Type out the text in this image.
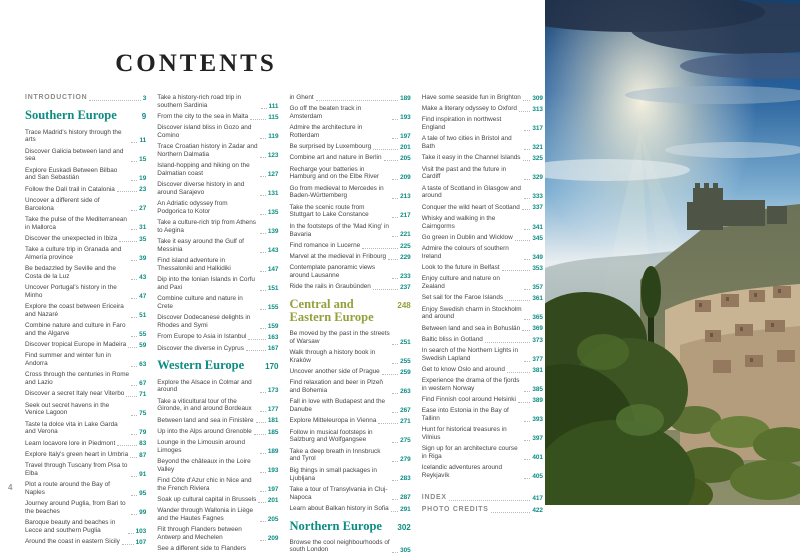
CONTENTS
INTRODUCTION	3
Southern Europe	9
Trace Madrid's history through the arts	11
Discover Galicia between land and sea	15
Explore Euskadi Between Bilbao and San Sebastián	19
Follow the Dalí trail in Catalonia	23
Uncover a different side of Barcelona	27
Take the pulse of the Mediterranean in Mallorca	31
Discover the unexpected in Ibiza	35
Take a culture trip in Granada and Almería province	39
Be bedazzled by Seville and the Costa de la Luz	43
Uncover Portugal's history in the Minho	47
Explore the coast between Ericeira and Nazaré	51
Combine nature and culture in Faro and the Algarve	55
Discover tropical Europe in Madeira 59
Find summer and winter fun in Andorra	63
Cross through the centuries in Rome and Lazio	67
Discover a secret Italy near Viterbo 71
Seek out secret havens in the Venice Lagoon	75
Taste la dolce vita in Lake Garda and Verona	79
Learn locavore lore in Piedmont	83
Explore Italy's green heart in Umbria 87
Travel through Tuscany from Pisa to Elba	91
Plot a route around the Bay of Naples	95
Journey around Puglia, from Bari to the beaches	99
Baroque beauty and beaches in Lecce and southern Puglia	103
Around the coast in eastern Sicily 107
Take a history-rich road trip in southern Sardinia	111
From the city to the sea in Malta	115
Discover island bliss in Gozo and Comino	119
Trace Croatian history in Zadar and Northern Dalmatia	123
Island-hopping and hiking on the Dalmatian coast	127
Discover diverse history in and around Sarajevo	131
An Adriatic odyssey from Podgorica to Kotor	135
Take a culture-rich trip from Athens to Aegina	139
Take it easy around the Gulf of Messinia	143
Find island adventure in Thessaloniki and Halkidiki	147
Dip into the Ionian Islands in Corfu and Paxi	151
Combine culture and nature in Crete	155
Discover Dodecanese delights in Rhodes and Symi	159
From Europe to Asia in Istanbul	163
Discover the diverse in Cyprus	167
Western Europe	170
Explore the Alsace in Colmar and around	173
Take a viticultural tour of the Gironde, in and around Bordeaux	177
Between land and sea in Finistère 181
Up into the Alps around Grenoble	185
Lounge in the Limousin around Limoges	189
Beyond the châteaux in the Loire Valley	193
Find Côte d'Azur chic in Nice and the French Riviera	197
Soak up cultural capital in Brussels 201
Wander through Wallonia in Liège and the Hautes Fagnes	205
Flit through Flanders between Antwerp and Mechelen	209
See a different side to Flanders
in Ghent	189
Go off the beaten track in Amsterdam	193
Admire the architecture in Rotterdam	197
Be surprised by Luxembourg	201
Combine art and nature in Berlin	205
Recharge your batteries in Hamburg and on the Elbe River	209
Go from medieval to Mercedes in Baden-Württemberg	213
Take the scenic route from Stuttgart to Lake Constance	217
In the footsteps of the 'Mad King' in Bavaria	221
Find romance in Lucerne	225
Marvel at the medieval in Fribourg 229
Contemplate panoramic views around Lausanne	233
Ride the rails in Graubünden	237
Central and Eastern Europe
248
Be moved by the past in the streets of Warsaw	251
Walk through a history book in Kraków	255
Uncover another side of Prague	259
Find relaxation and beer in Plzeň and Bohemia	263
Fall in love with Budapest and the Danube	267
Explore Mitteleuropa in Vienna	271
Follow in musical footsteps in Salzburg and Wolfgangsee	275
Take a deep breath in Innsbruck and Tyrol	279
Big things in small packages in Ljubljana	283
Take a tour of Transylvania in Cluj-Napoca	287
Learn about Balkan history in Sofia 291
Northern Europe	302
Browse the cool neighbourhoods of south London	305
Have some seaside fun in Brighton 309
Make a literary odyssey to Oxford 313
Find inspiration in northwest England	317
A tale of two cities in Bristol and Bath	321
Take it easy in the Channel Islands 325
Visit the past and the future in Cardiff	329
A taste of Scotland in Glasgow and around	333
Conquer the wild heart of Scotland 337
Whisky and walking in the Cairngorms	341
Go green in Dublin and Wicklow	345
Admire the colours of southern Ireland	349
Look to the future in Belfast	353
Enjoy culture and nature on Zealand	357
Set sail for the Faroe Islands	361
Enjoy Swedish charm in Stockholm and around	365
Between land and sea in Bohuslän 369
Baltic bliss in Gotland	373
In search of the Northern Lights in Swedish Lapland	377
Get to know Oslo and around	381
Experience the drama of the fjords in western Norway	385
Find Finnish cool around Helsinki	389
Ease into Estonia in the Bay of Tallinn	393
Hunt for historical treasures in Vilnius	397
Sign up for an architecture course in Riga	401
Icelandic adventures around Reykjavík	405
INDEX	417
PHOTO CREDITS	422
4
